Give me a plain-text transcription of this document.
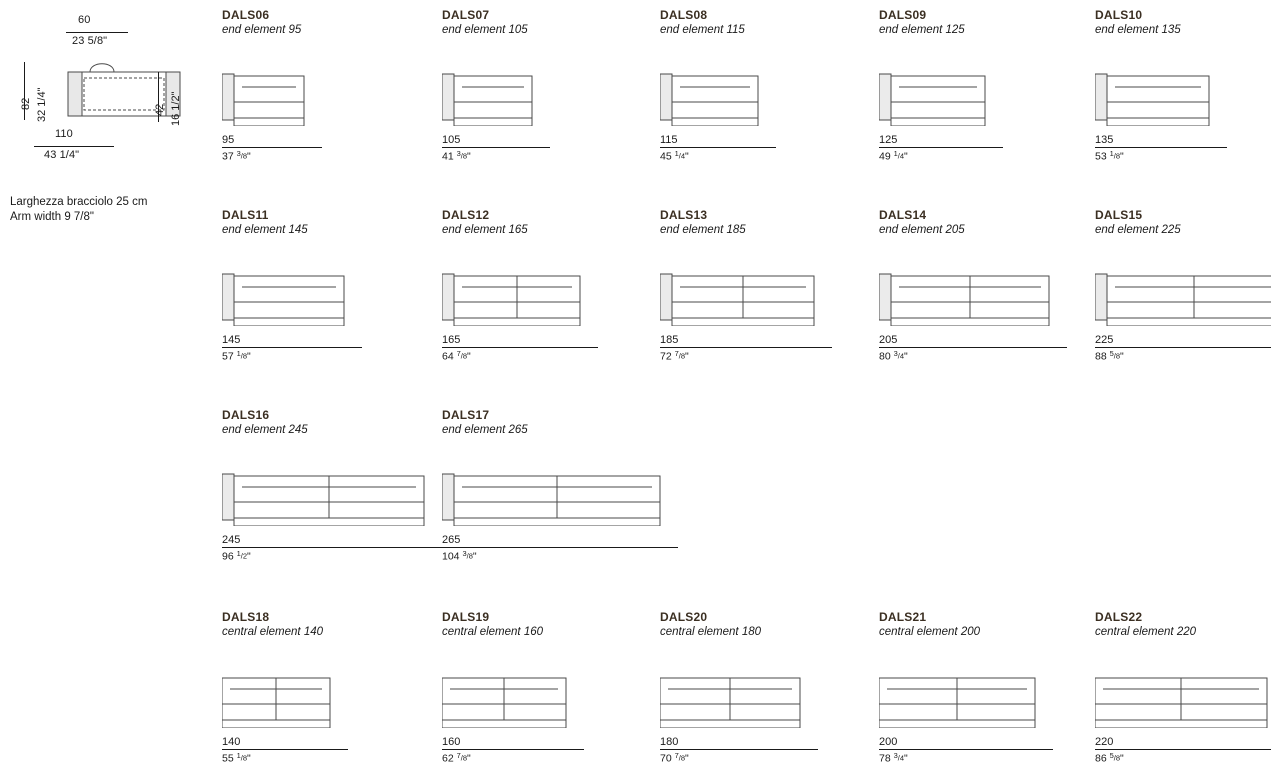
60
23 5/8"
82 32 1/4"	42 16 1/2"
110
43 1/4"
Larghezza bracciolo 25 cm
Arm width 9 7/8"
DALS06
end element 95
95
37 $^3_{/8}$"
DALS07
end element 105
105
41 $^3_{/8}$"
DALS08
end element 115
115
45 $^1_{/4}$"
DALS09
end element 125
125
49 $^1_{/4}$"
DALS10
end element 135
135
53 $^1_{/8}$"
DALS11
end element 145
145
57 $^1_{/8}$"
DALS12
end element 165
165
64 $^7_{/8}$"
DALS13
end element 185
185
72 $^7_{/8}$"
DALS14
end element 205
205
80 $^3_{/4}$"
DALS15
end element 225
225
88 $^5_{/8}$"
DALS16
end element 245
245
96 $^1_{/2}$"
DALS17
end element 265
265
104 $^3_{/8}$"
DALS18
central element 140
140
55 $^1_{/8}$"
DALS19
central element 160
160
62 $^7_{/8}$"
DALS20
central element 180
180
70 $^7_{/8}$"
DALS21
central element 200
200
78 $^3_{/4}$"
DALS22
central element 220
220
86 $^5_{/8}$"
